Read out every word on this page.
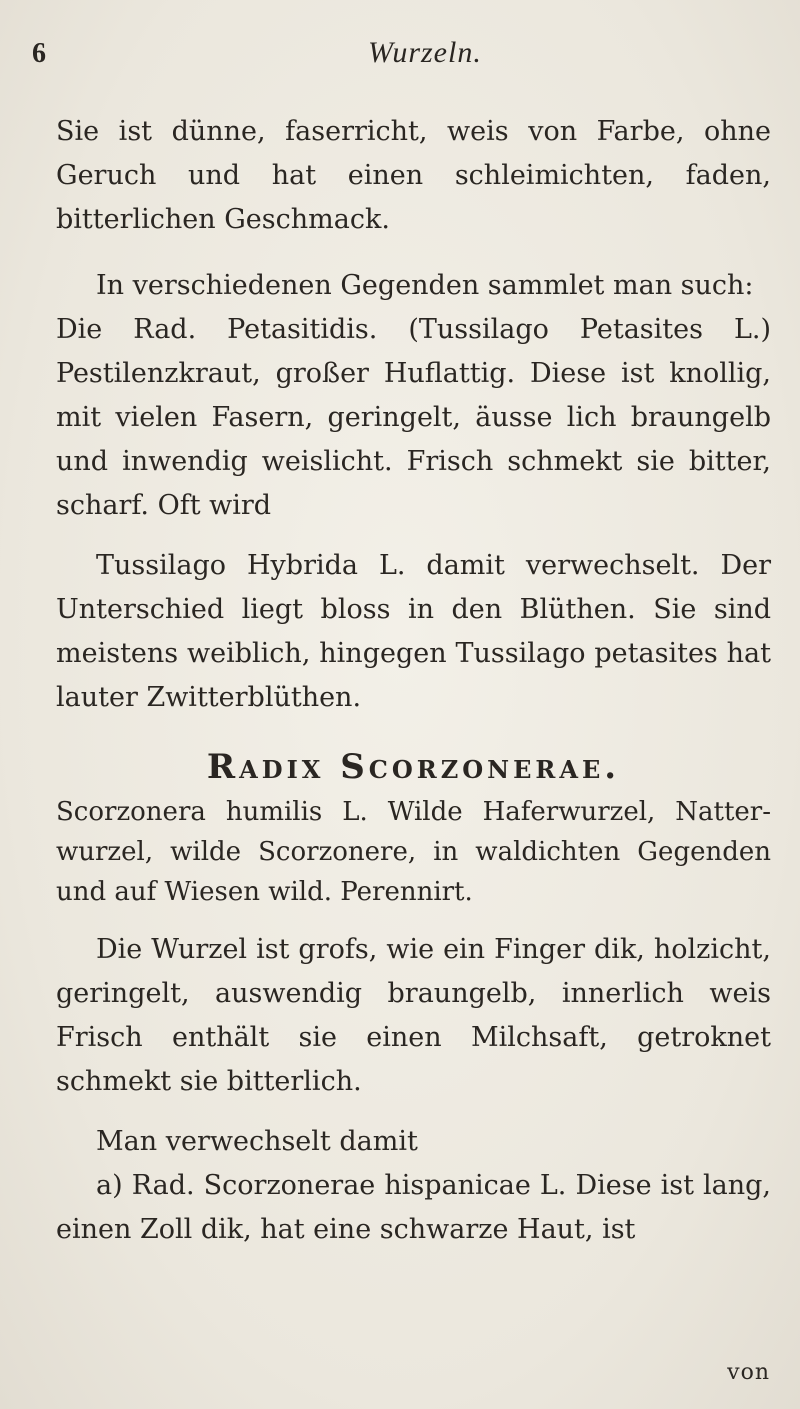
6	Wurzeln.

Sie ist dünne, faserricht, weis von Farbe, ohne Geruch und hat einen schleimichten, faden, bitterlichen Geschmack.

In verschiedenen Gegenden sammlet man such:

Die Rad. Petasitidis. (Tussilago Petasites L.) Pestilenzkraut, großer Huflattig. Diese ist knollig, mit vielen Fasern, geringelt, äusse lich braungelb und inwendig weislicht. Frisch schmekt sie bitter, scharf. Oft wird

Tussilago Hybrida L. damit verwechselt. Der Unterschied liegt bloss in den Blüthen. Sie sind meistens weiblich, hingegen Tussilago petasites hat lauter Zwitterblüthen.

Radix Scorzonerae.

Scorzonera humilis L. Wilde Haferwurzel, Natter-wurzel, wilde Scorzonere, in waldichten Gegenden und auf Wiesen wild. Perennirt.

Die Wurzel ist grofs, wie ein Finger dik, holzicht, geringelt, auswendig braungelb, innerlich weis Frisch enthält sie einen Milchsaft, getroknet schmekt sie bitterlich.

Man verwechselt damit

a) Rad. Scorzonerae hispanicae L. Diese ist lang, einen Zoll dik, hat eine schwarze Haut, ist

von
